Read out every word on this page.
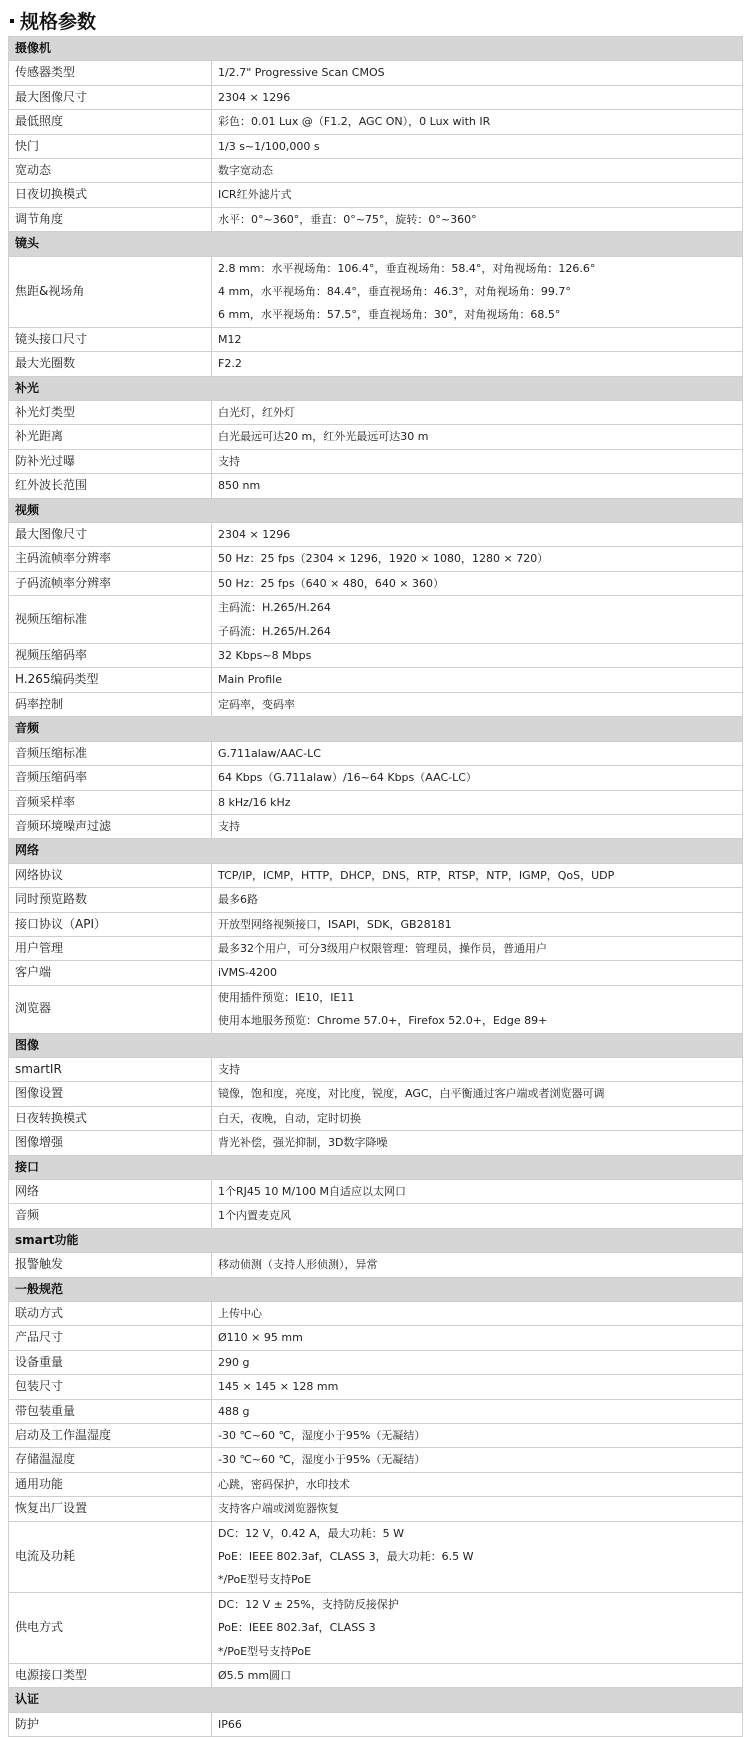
规格参数
摄像机	
传感器类型	1/2.7" Progressive Scan CMOS
最大图像尺寸	2304 × 1296
最低照度	彩色：0.01 Lux @（F1.2，AGC ON），0 Lux with IR
快门	1/3 s~1/100,000 s
宽动态	数字宽动态
日夜切换模式	ICR红外滤片式
调节角度	水平：0°~360°，垂直：0°~75°，旋转：0°~360°
镜头	
焦距&视场角	2.8 mm：水平视场角：106.4°，垂直视场角：58.4°，对角视场角：126.6°
4 mm，水平视场角：84.4°，垂直视场角：46.3°，对角视场角：99.7°
6 mm，水平视场角：57.5°，垂直视场角：30°，对角视场角：68.5°

镜头接口尺寸	M12
最大光圈数	F2.2
补光	
补光灯类型	白光灯，红外灯
补光距离	白光最远可达20 m，红外光最远可达30 m
防补光过曝	支持
红外波长范围	850 nm
视频	
最大图像尺寸	2304 × 1296
主码流帧率分辨率	50 Hz：25 fps（2304 × 1296，1920 × 1080，1280 × 720）
子码流帧率分辨率	50 Hz：25 fps（640 × 480，640 × 360）
视频压缩标准	主码流：H.265/H.264
子码流：H.265/H.264

视频压缩码率	32 Kbps~8 Mbps
H.265编码类型	Main Profile
码率控制	定码率，变码率
音频	
音频压缩标准	G.711alaw/AAC-LC
音频压缩码率	64 Kbps（G.711alaw）/16~64 Kbps（AAC-LC）
音频采样率	8 kHz/16 kHz
音频环境噪声过滤	支持
网络	
网络协议	TCP/IP，ICMP，HTTP，DHCP，DNS，RTP，RTSP，NTP，IGMP，QoS，UDP
同时预览路数	最多6路
接口协议（API）	开放型网络视频接口，ISAPI，SDK，GB28181
用户管理	最多32个用户，可分3级用户权限管理：管理员，操作员，普通用户
客户端	iVMS-4200
浏览器	使用插件预览：IE10，IE11
使用本地服务预览：Chrome 57.0+，Firefox 52.0+，Edge 89+

图像	
smartIR	支持
图像设置	镜像，饱和度，亮度，对比度，锐度，AGC，白平衡通过客户端或者浏览器可调
日夜转换模式	白天，夜晚，自动，定时切换
图像增强	背光补偿，强光抑制，3D数字降噪
接口	
网络	1个RJ45 10 M/100 M自适应以太网口
音频	1个内置麦克风
smart功能	
报警触发	移动侦测（支持人形侦测），异常
一般规范	
联动方式	上传中心
产品尺寸	Ø110 × 95 mm
设备重量	290 g
包装尺寸	145 × 145 × 128 mm
带包装重量	488 g
启动及工作温湿度	-30 ℃~60 ℃，湿度小于95%（无凝结）
存储温湿度	-30 ℃~60 ℃，湿度小于95%（无凝结）
通用功能	心跳，密码保护，水印技术
恢复出厂设置	支持客户端或浏览器恢复
电流及功耗	DC：12 V，0.42 A，最大功耗：5 W
PoE：IEEE 802.3af，CLASS 3，最大功耗：6.5 W
*/PoE型号支持PoE

供电方式	DC：12 V ± 25%，支持防反接保护
PoE：IEEE 802.3af，CLASS 3
*/PoE型号支持PoE

电源接口类型	Ø5.5 mm圆口
认证	
防护	IP66
